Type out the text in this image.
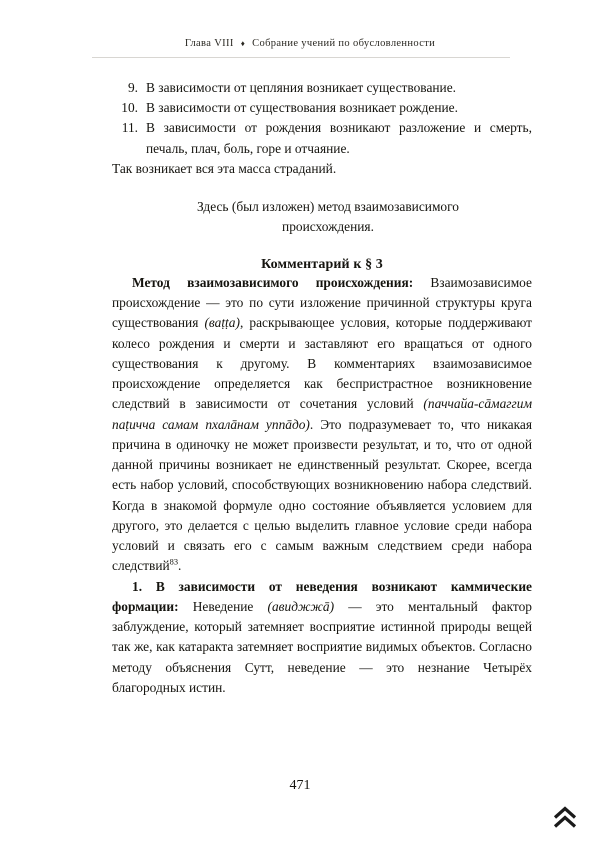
Глава VIII ♦ Собрание учений по обусловленности
9. В зависимости от цепляния возникает существование.
10. В зависимости от существования возникает рождение.
11. В зависимости от рождения возникают разложение и смерть, печаль, плач, боль, горе и отчаяние.

Так возникает вся эта масса страданий.

Здесь (был изложен) метод взаимозависимого
происхождения.
Комментарий к § 3

Метод взаимозависимого происхождения: Взаимозависимое происхождение — это по сути изложение причинной структуры круга существования (ваṭṭа), раскрывающее условия, которые поддерживают колесо рождения и смерти и заставляют его вращаться от одного существования к другому. В комментариях взаимозависимое происхождение определяется как беспристрастное возникновение следствий в зависимости от сочетания условий (паччайа-сāмаггим паṭичча самам пхалāнам уппāдо). Это подразумевает то, что никакая причина в одиночку не может произвести результат, и то, что от одной данной причины возникает не единственный результат. Скорее, всегда есть набор условий, способствующих возникновению набора следствий. Когда в знакомой формуле одно состояние объявляется условием для другого, это делается с целью выделить главное условие среди набора условий и связать его с самым важным следствием среди набора следствий$^{83}$.

1. В зависимости от неведения возникают каммические формации: Неведение (авиджжā) — это ментальный фактор заблуждение, который затемняет восприятие истинной природы вещей так же, как катаракта затемняет восприятие видимых объектов. Согласно методу объяснения Сутт, неведение — это незнание Четырёх благородных истин.

471
